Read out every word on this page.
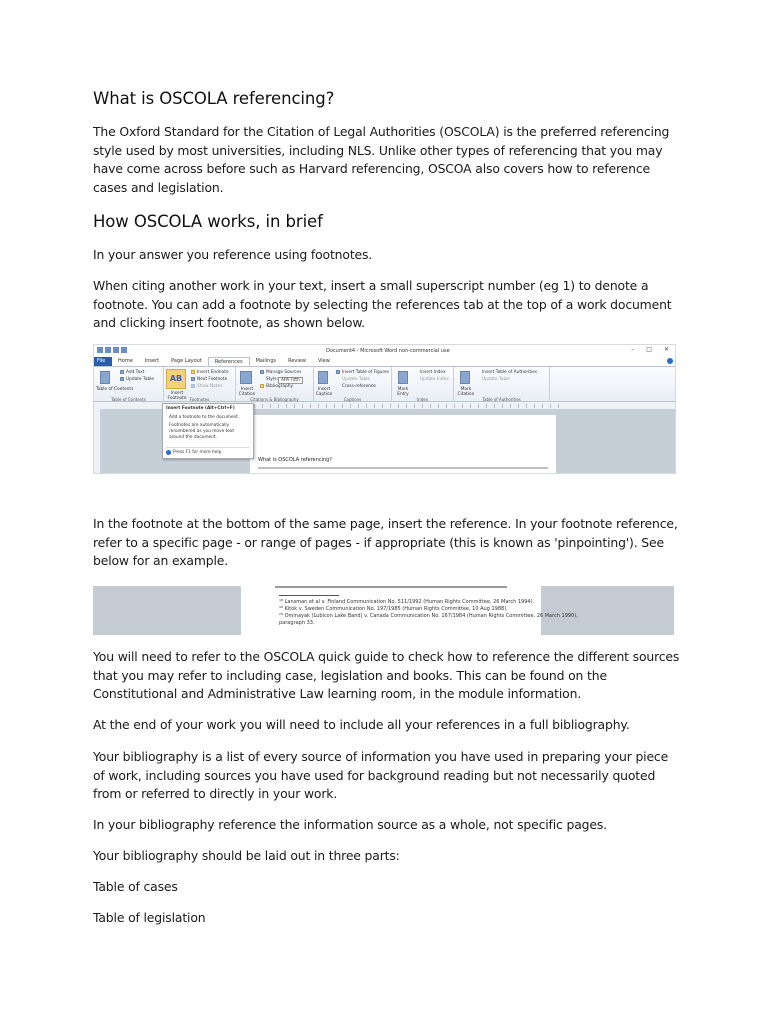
What is OSCOLA referencing?

The Oxford Standard for the Citation of Legal Authorities (OSCOLA) is the preferred referencing style used by most universities, including NLS. Unlike other types of referencing that you may have come across before such as Harvard referencing, OSCOA also covers how to reference cases and legislation.

How OSCOLA works, in brief

In your answer you reference using footnotes.

When citing another work in your text, insert a small superscript number (eg 1) to denote a footnote. You can add a footnote by selecting the references tab at the top of a work document and clicking insert footnote, as shown below.

Document4 - Microsoft Word non-commercial use	– □ ✕
File	Home	Insert	Page Layout	References	Mailings	Review	View
Table of Contents
Add Text
Update Table
Table of Contents
AB
Insert Footnote
Insert Endnote
Next Footnote
Show Notes
Footnotes
Insert Citation
Manage Sources
Style: APA Fifth
Bibliography
Citations & Bibliography
Insert Caption
Insert Table of Figures
Update Table
Cross-reference
Captions
Mark Entry
Insert Index
Update Index
Index
Mark Citation
Insert Table of Authorities
Update Table
Table of Authorities
What is OSCOLA referencing?
Insert Footnote (Alt+Ctrl+F)
Add a footnote to the document.
Footnotes are automatically
renumbered as you move text
around the document.
Press F1 for more help.

In the footnote at the bottom of the same page, insert the reference. In your footnote reference, refer to a specific page - or range of pages - if appropriate (this is known as 'pinpointing'). See below for an example.

¹⁸ Lansman et al v. Finland Communication No. 511/1992 (Human Rights Committee, 26 March 1994).
¹⁹ Kitok v. Sweden Communication No. 197/1985 (Human Rights Committee, 10 Aug 1988).
²⁰ Ominayak (Lubicon Lake Band) v. Canada Communication No. 167/1984 (Human Rights Committee, 26 March 1990),
paragraph 33.

You will need to refer to the OSCOLA quick guide to check how to reference the different sources that you may refer to including case, legislation and books. This can be found on the Constitutional and Administrative Law learning room, in the module information.

At the end of your work you will need to include all your references in a full bibliography.

Your bibliography is a list of every source of information you have used in preparing your piece of work, including sources you have used for background reading but not necessarily quoted from or referred to directly in your work.

In your bibliography reference the information source as a whole, not specific pages.

Your bibliography should be laid out in three parts:

Table of cases

Table of legislation
